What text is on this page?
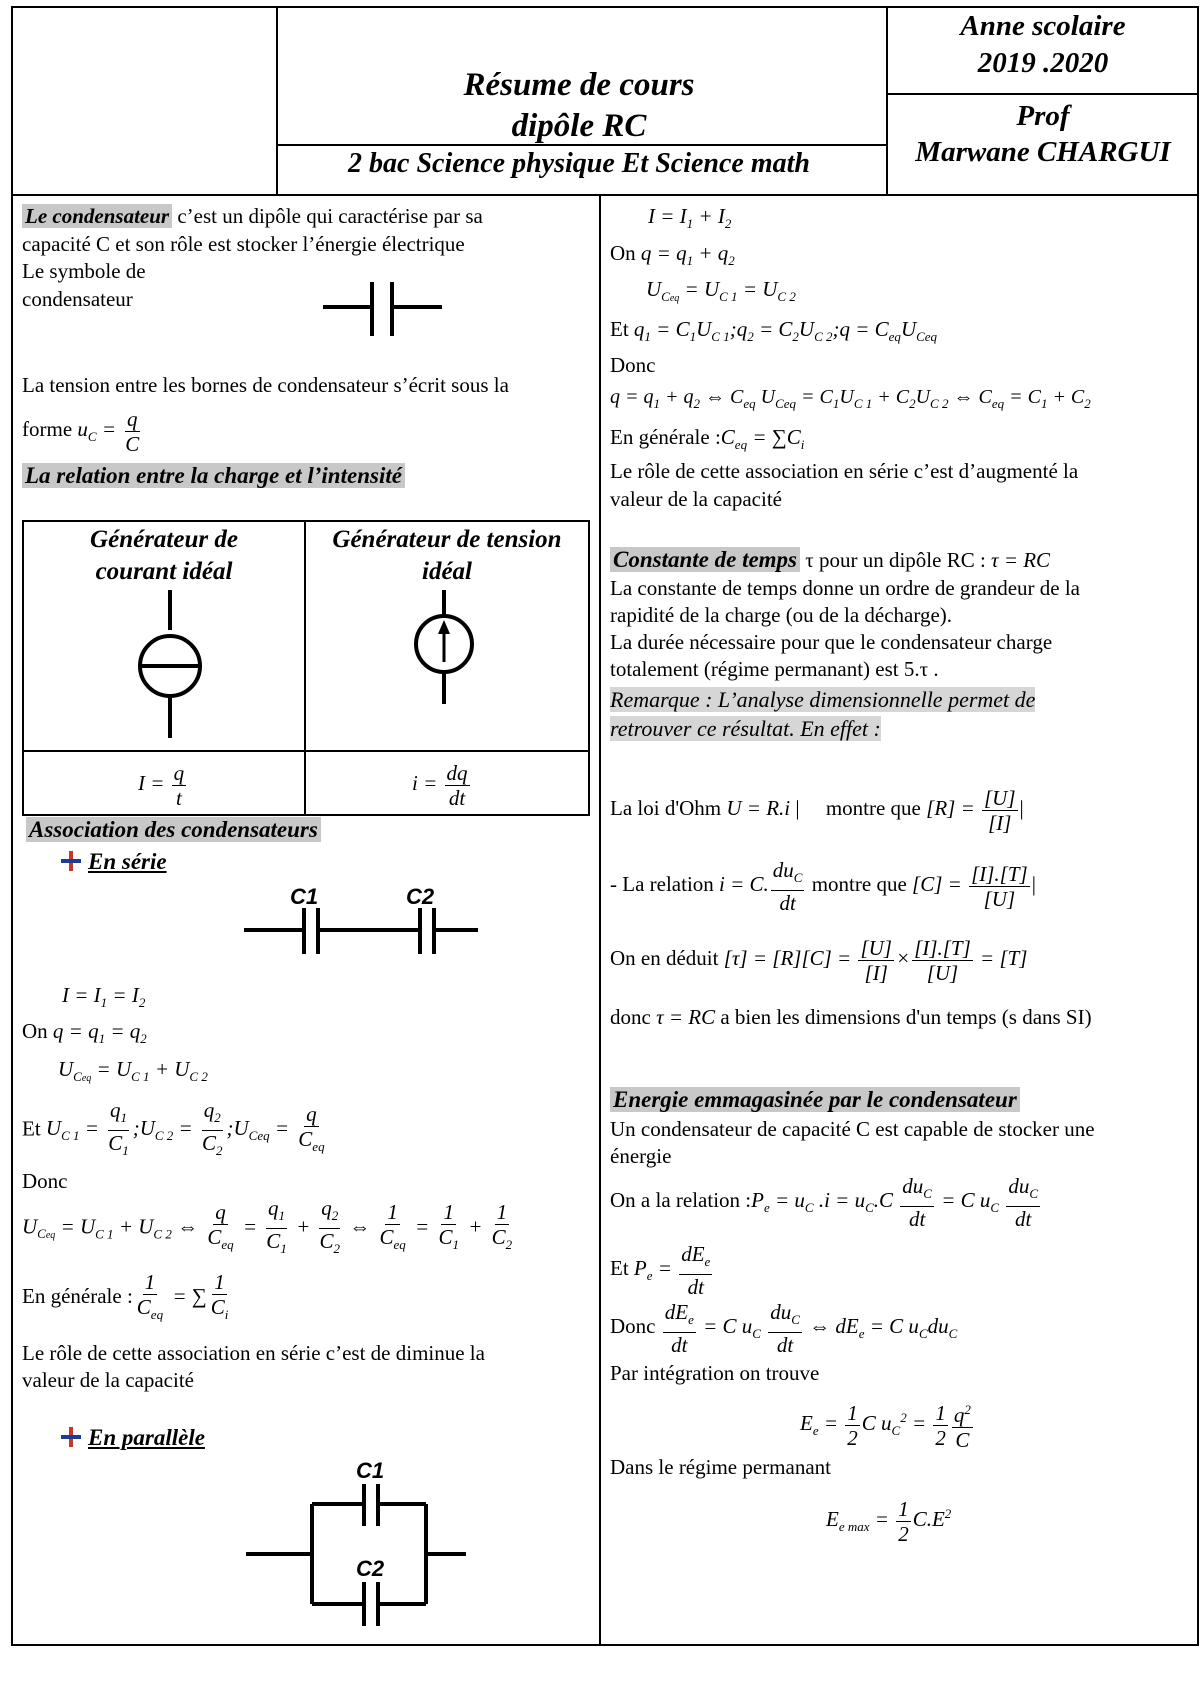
Résume de cours
dipôle RC
2 bac Science physique Et Science math
Anne scolaire
2019 .2020
Prof
Marwane CHARGUI
Le condensateur c’est un dipôle qui caractérise par sa
capacité C et son rôle est stocker l’énergie électrique
Le symbole de
condensateur
La tension entre les bornes de condensateur s’écrit sous la
forme $u_C = \frac{q}{C}$
La relation entre la charge et l’intensité
Générateur de
courant idéal
Générateur de tension
idéal
$I = \frac{q}{t}$	$i = \frac{dq}{dt}$
Association des condensateurs
En série
C1	C2
$I = I_1 = I_2$
On $q = q_1 = q_2$
$U_{Ceq} = U_{C 1} + U_{C 2}$
Et $U_{C 1} = \frac{q_1}{C_1}$ $;U_{C 2} = \frac{q_2}{C_2}$ $;U_{Ceq} = \frac{q}{C_{eq}}$
Donc
$U_{Ceq} = U_{C 1} + U_{C 2}$ ⇔ $\frac{q}{C_{eq}} = \frac{q_1}{C_1} + \frac{q_2}{C_2}$ ⇔ $\frac{1}{C_{eq}} = \frac{1}{C_1} + \frac{1}{C_2}$
En générale : $\frac{1}{C_{eq}}$ = ∑ $\frac{1}{C_i}$
Le rôle de cette association en série c’est de diminue la
valeur de la capacité
En parallèle
C1
C2
$I = I_1 + I_2$
On $q = q_1 + q_2$
$U_{Ceq} = U_{C 1} = U_{C 2}$
Et $q_1$ = $C_1U_{C 1};q_2$ = $C_2U_{C 2};q = C_{eq}U_{Ceq}$
Donc
$q = q_1 + q_2$ ⇔ $C_{eq}$ $U_{Ceq} = C_1U_{C 1} + C_2U_{C 2}$ ⇔ $C_{eq} = C_1 + C_2$
En générale $:C_{eq} = \sum C_i$
Le rôle de cette association en série c’est d’augmenté la
valeur de la capacité
Constante de temps τ pour un dipôle RC : τ = RC
La constante de temps donne un ordre de grandeur de la
rapidité de la charge (ou de la décharge).
La durée nécessaire pour que le condensateur charge
totalement (régime permanant) est 5.τ .
Remarque : L’analyse dimensionnelle permet de
retrouver ce résultat. En effet :
La loi d'Ohm U = R.i |     montre que $[R] = \frac{[U]}{[I]}$ |
- La relation i = C. $\frac{du_C}{dt}$ montre que $[C] = \frac{[I].[T]}{[U]}$ |
On en déduit $[\tau] = [R][C] = \frac{[U]}{[I]} \times \frac{[I].[T]}{[U]} = [T]$
donc τ = RC a bien les dimensions d'un temps (s dans SI)
Energie emmagasinée par le condensateur
Un condensateur de capacité C est capable de stocker une
énergie
On a la relation $:P_e = u_C$ $.i = u_C.C \frac{du_C}{dt} = C$ $u_C \frac{du_C}{dt}$
Et $P_e = \frac{dE_e}{dt}$
Donc $\frac{dE_e}{dt} = C$ $u_C \frac{du_C}{dt}$ ⇔ $dE_e = C$ $u_Cdu_C$
Par intégration on trouve
$E_e = \frac{1}{2}$ C $u_C^2 = \frac{1}{2} \frac{q^2}{C}$
Dans le régime permanant
$E_{e max} = \frac{1}{2} C.E^2$
